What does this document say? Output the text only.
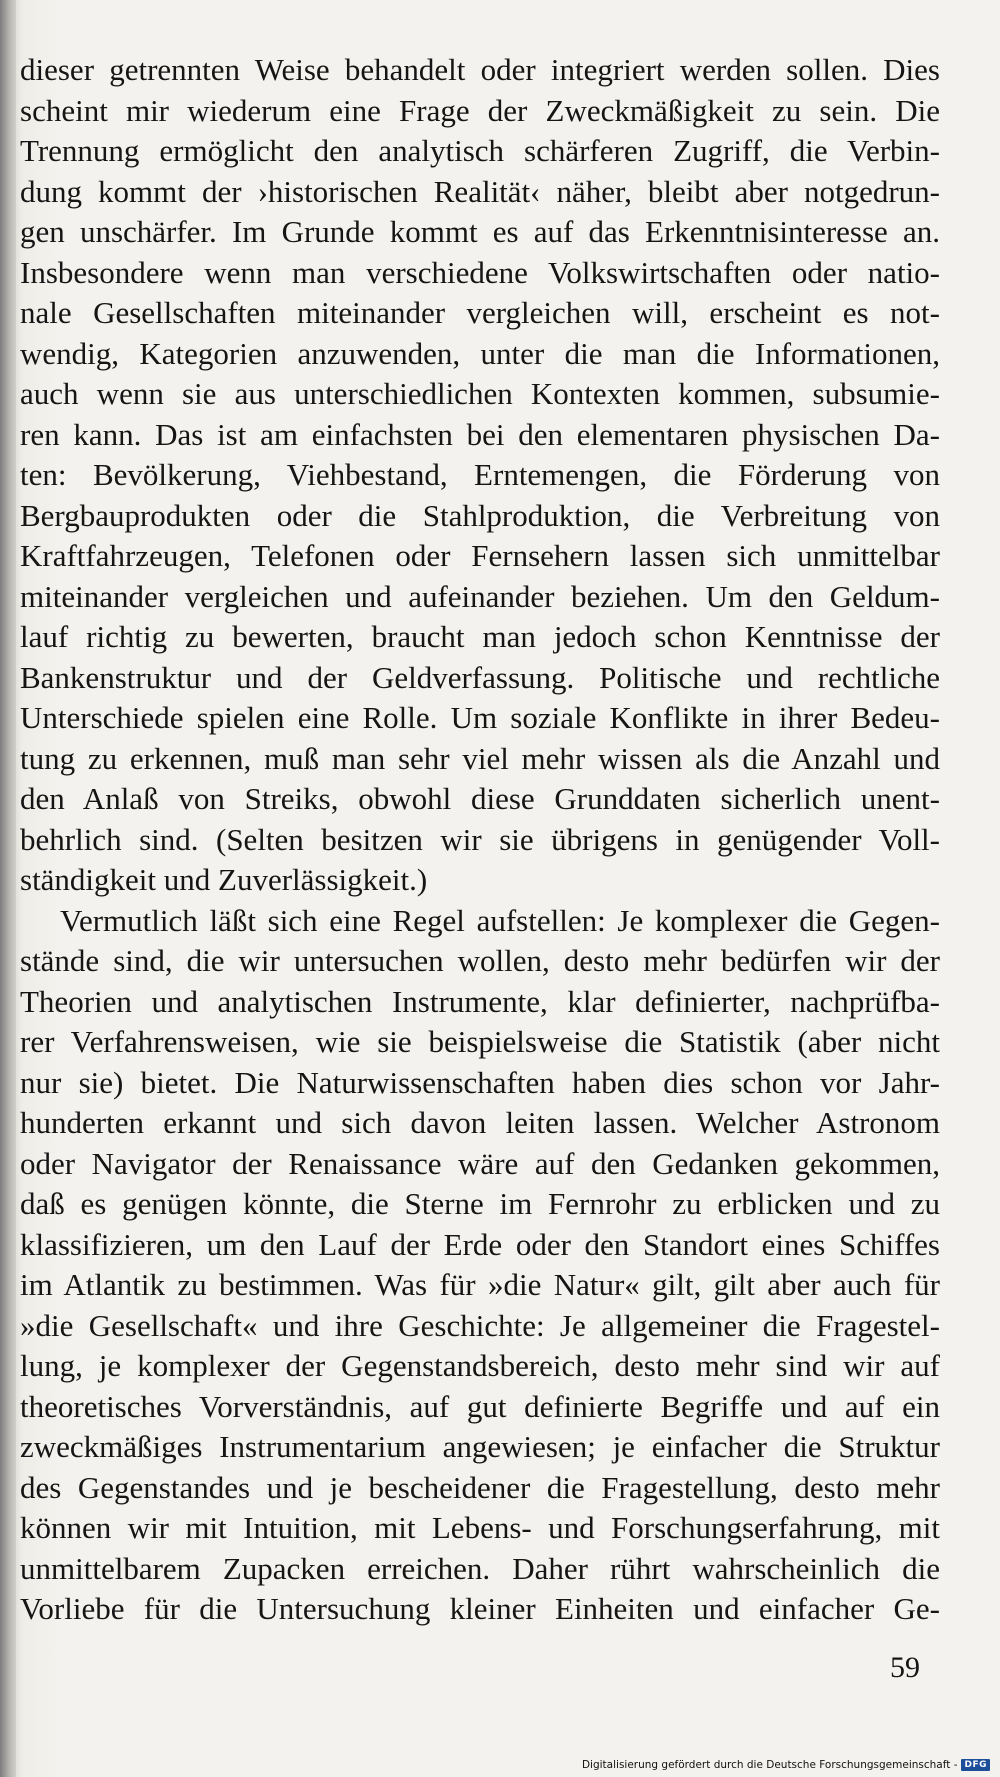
dieser getrennten Weise behandelt oder integriert werden sollen. Dies
scheint mir wiederum eine Frage der Zweckmäßigkeit zu sein. Die
Trennung ermöglicht den analytisch schärferen Zugriff, die Verbin-
dung kommt der ›historischen Realität‹ näher, bleibt aber notgedrun-
gen unschärfer. Im Grunde kommt es auf das Erkenntnisinteresse an.
Insbesondere wenn man verschiedene Volkswirtschaften oder natio-
nale Gesellschaften miteinander vergleichen will, erscheint es not-
wendig, Kategorien anzuwenden, unter die man die Informationen,
auch wenn sie aus unterschiedlichen Kontexten kommen, subsumie-
ren kann. Das ist am einfachsten bei den elementaren physischen Da-
ten: Bevölkerung, Viehbestand, Erntemengen, die Förderung von
Bergbauprodukten oder die Stahlproduktion, die Verbreitung von
Kraftfahrzeugen, Telefonen oder Fernsehern lassen sich unmittelbar
miteinander vergleichen und aufeinander beziehen. Um den Geldum-
lauf richtig zu bewerten, braucht man jedoch schon Kenntnisse der
Bankenstruktur und der Geldverfassung. Politische und rechtliche
Unterschiede spielen eine Rolle. Um soziale Konflikte in ihrer Bedeu-
tung zu erkennen, muß man sehr viel mehr wissen als die Anzahl und
den Anlaß von Streiks, obwohl diese Grunddaten sicherlich unent-
behrlich sind. (Selten besitzen wir sie übrigens in genügender Voll-
ständigkeit und Zuverlässigkeit.)
Vermutlich läßt sich eine Regel aufstellen: Je komplexer die Gegen-
stände sind, die wir untersuchen wollen, desto mehr bedürfen wir der
Theorien und analytischen Instrumente, klar definierter, nachprüfba-
rer Verfahrensweisen, wie sie beispielsweise die Statistik (aber nicht
nur sie) bietet. Die Naturwissenschaften haben dies schon vor Jahr-
hunderten erkannt und sich davon leiten lassen. Welcher Astronom
oder Navigator der Renaissance wäre auf den Gedanken gekommen,
daß es genügen könnte, die Sterne im Fernrohr zu erblicken und zu
klassifizieren, um den Lauf der Erde oder den Standort eines Schiffes
im Atlantik zu bestimmen. Was für »die Natur« gilt, gilt aber auch für
»die Gesellschaft« und ihre Geschichte: Je allgemeiner die Fragestel-
lung, je komplexer der Gegenstandsbereich, desto mehr sind wir auf
theoretisches Vorverständnis, auf gut definierte Begriffe und auf ein
zweckmäßiges Instrumentarium angewiesen; je einfacher die Struktur
des Gegenstandes und je bescheidener die Fragestellung, desto mehr
können wir mit Intuition, mit Lebens- und Forschungserfahrung, mit
unmittelbarem Zupacken erreichen. Daher rührt wahrscheinlich die
Vorliebe für die Untersuchung kleiner Einheiten und einfacher Ge-
59
Digitalisierung gefördert durch die Deutsche Forschungsgemeinschaft - DFG
